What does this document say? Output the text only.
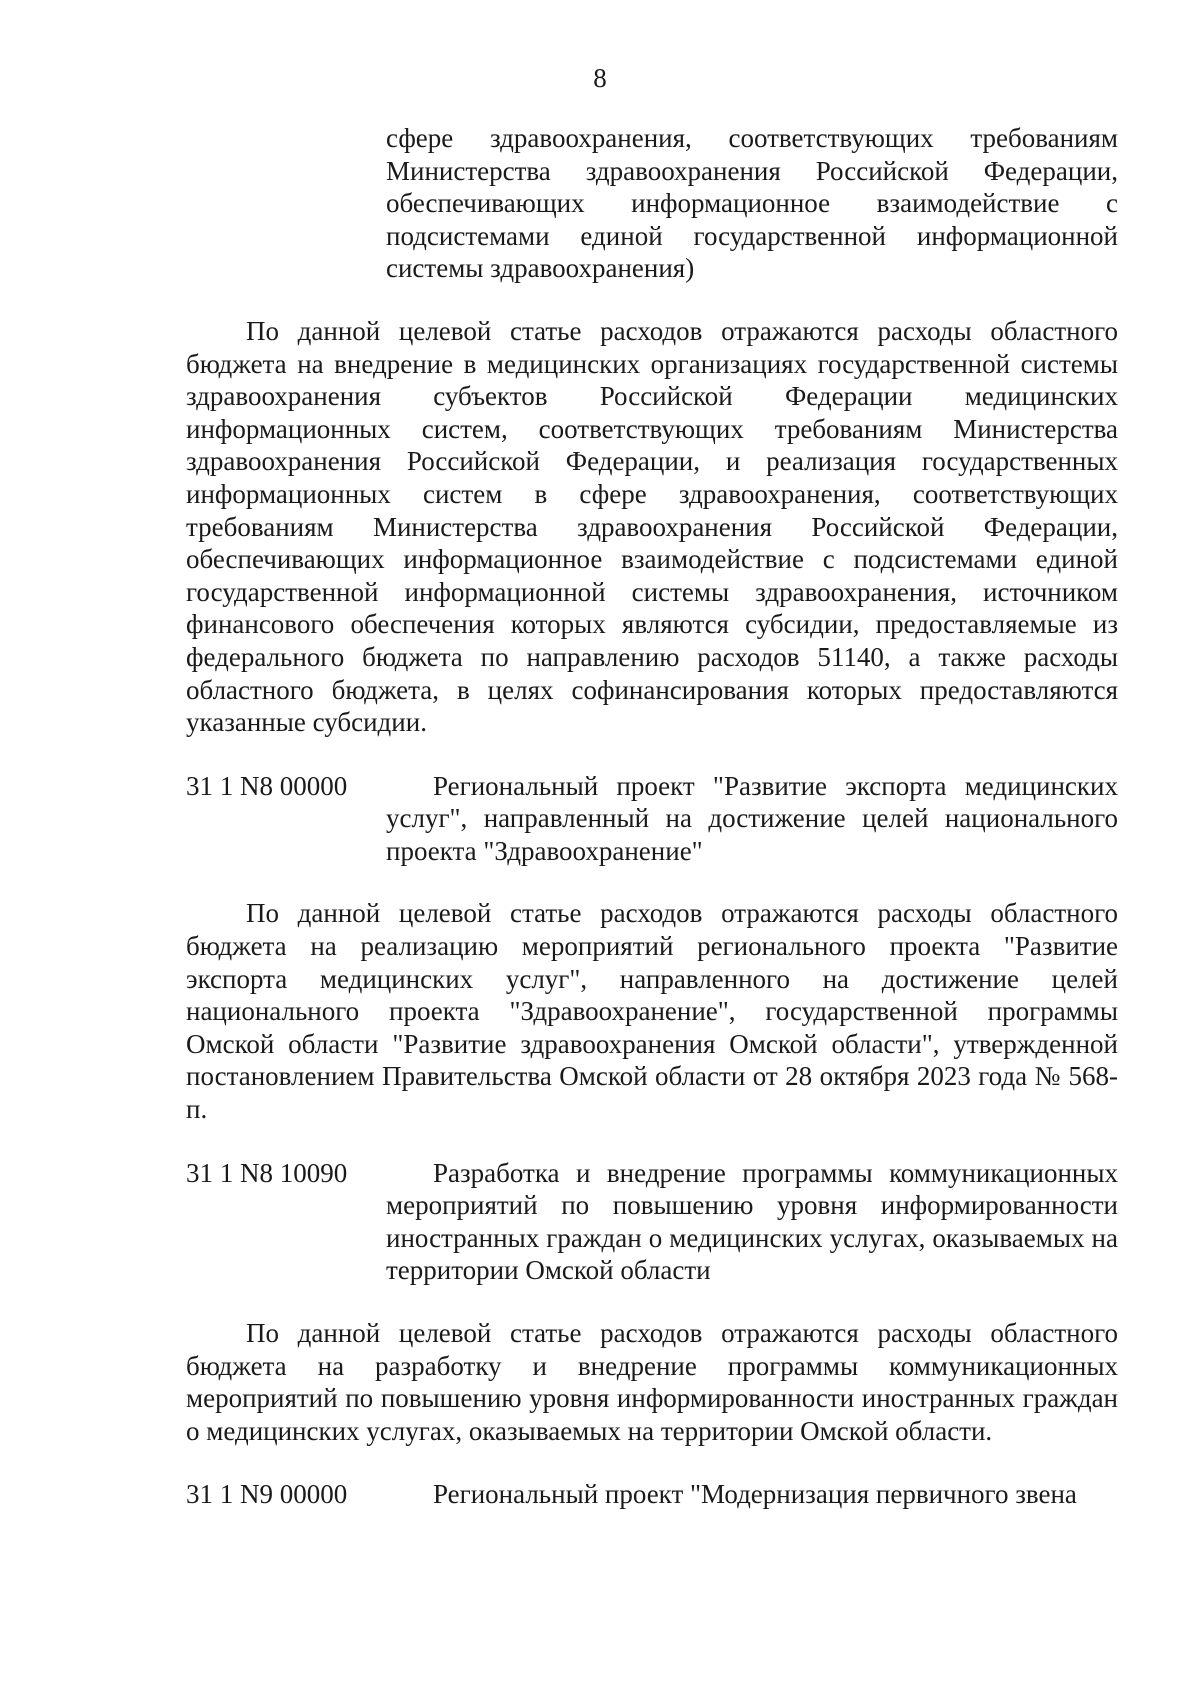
8
сфере здравоохранения, соответствующих требованиям Министерства здравоохранения Российской Федерации, обеспечивающих информационное взаимодействие с подсистемами единой государственной информационной системы здравоохранения)
По данной целевой статье расходов отражаются расходы областного бюджета на внедрение в медицинских организациях государственной системы здравоохранения субъектов Российской Федерации медицинских информационных систем, соответствующих требованиям Министерства здравоохранения Российской Федерации, и реализация государственных информационных систем в сфере здравоохранения, соответствующих требованиям Министерства здравоохранения Российской Федерации, обеспечивающих информационное взаимодействие с подсистемами единой государственной информационной системы здравоохранения, источником финансового обеспечения которых являются субсидии, предоставляемые из федерального бюджета по направлению расходов 51140, а также расходы областного бюджета, в целях софинансирования которых предоставляются указанные субсидии.
31 1 N8 00000	Региональный проект "Развитие экспорта медицинских услуг", направленный на достижение целей национального проекта "Здравоохранение"
По данной целевой статье расходов отражаются расходы областного бюджета на реализацию мероприятий регионального проекта "Развитие экспорта медицинских услуг", направленного на достижение целей национального проекта "Здравоохранение", государственной программы Омской области "Развитие здравоохранения Омской области", утвержденной постановлением Правительства Омской области от 28 октября 2023 года № 568-п.
31 1 N8 10090	Разработка и внедрение программы коммуникационных мероприятий по повышению уровня информированности иностранных граждан о медицинских услугах, оказываемых на территории Омской области
По данной целевой статье расходов отражаются расходы областного бюджета на разработку и внедрение программы коммуникационных мероприятий по повышению уровня информированности иностранных граждан о медицинских услугах, оказываемых на территории Омской области.
31 1 N9 00000	Региональный проект "Модернизация первичного звена
